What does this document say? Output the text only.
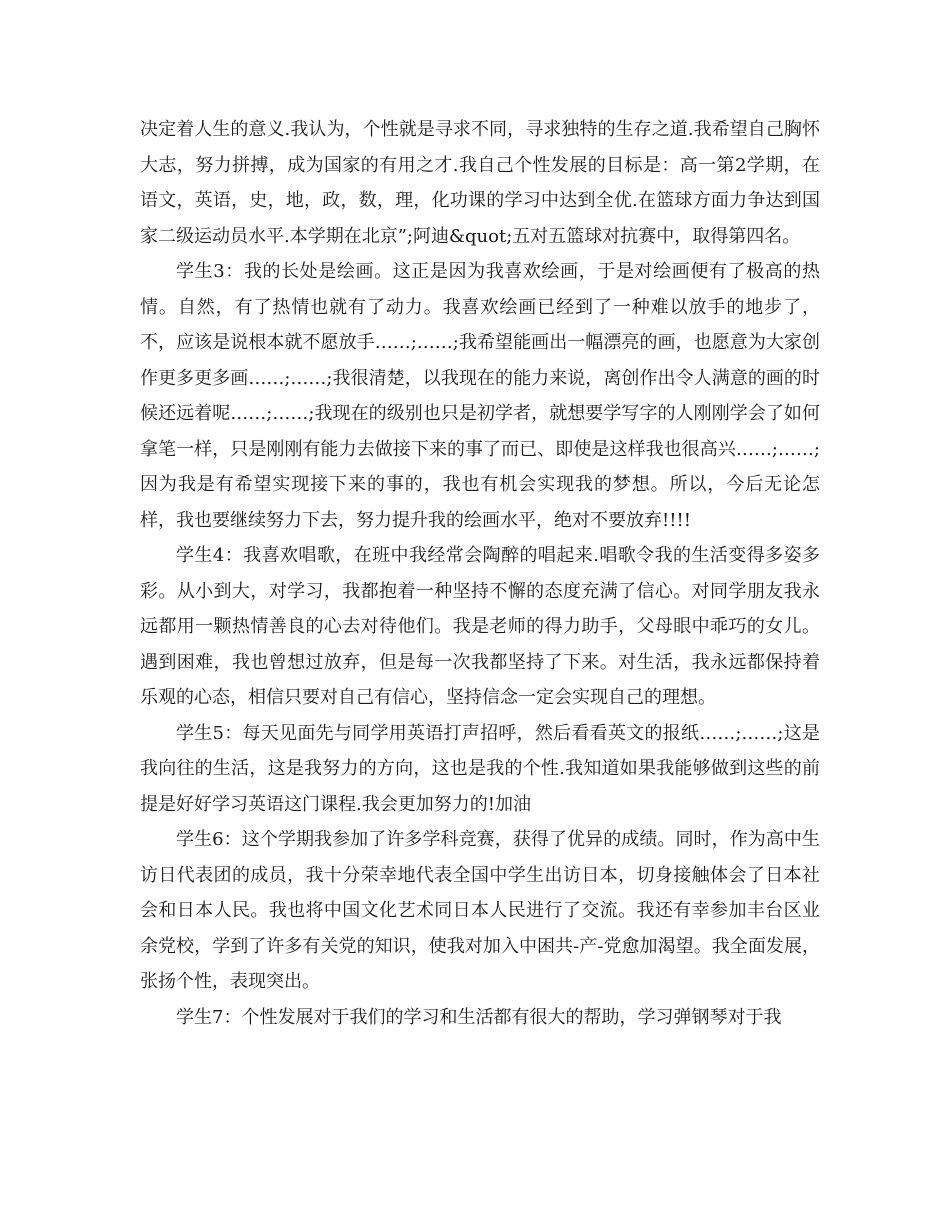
决定着人生的意义.我认为，个性就是寻求不同，寻求独特的生存之道.我希望自己胸怀大志，努力拼搏，成为国家的有用之才.我自己个性发展的目标是：高一第2学期，在语文，英语，史，地，政，数，理，化功课的学习中达到全优.在篮球方面力争达到国家二级运动员水平.本学期在北京”;阿迪&quot;五对五篮球对抗赛中，取得第四名。

学生3：我的长处是绘画。这正是因为我喜欢绘画，于是对绘画便有了极高的热情。自然，有了热情也就有了动力。我喜欢绘画已经到了一种难以放手的地步了，不，应该是说根本就不愿放手……;……;我希望能画出一幅漂亮的画，也愿意为大家创作更多更多画……;……;我很清楚，以我现在的能力来说，离创作出令人满意的画的时候还远着呢……;……;我现在的级别也只是初学者，就想要学写字的人刚刚学会了如何拿笔一样，只是刚刚有能力去做接下来的事了而已、即使是这样我也很高兴……;……;因为我是有希望实现接下来的事的，我也有机会实现我的梦想。所以，今后无论怎样，我也要继续努力下去，努力提升我的绘画水平，绝对不要放弃!!!!

学生4：我喜欢唱歌，在班中我经常会陶醉的唱起来.唱歌令我的生活变得多姿多彩。从小到大，对学习，我都抱着一种坚持不懈的态度充满了信心。对同学朋友我永远都用一颗热情善良的心去对待他们。我是老师的得力助手，父母眼中乖巧的女儿。遇到困难，我也曾想过放弃，但是每一次我都坚持了下来。对生活，我永远都保持着乐观的心态，相信只要对自己有信心，坚持信念一定会实现自己的理想。

学生5：每天见面先与同学用英语打声招呼，然后看看英文的报纸……;……;这是我向往的生活，这是我努力的方向，这也是我的个性.我知道如果我能够做到这些的前提是好好学习英语这门课程.我会更加努力的!加油

学生6：这个学期我参加了许多学科竞赛，获得了优异的成绩。同时，作为高中生访日代表团的成员，我十分荣幸地代表全国中学生出访日本，切身接触体会了日本社会和日本人民。我也将中国文化艺术同日本人民进行了交流。我还有幸参加丰台区业余党校，学到了许多有关党的知识，使我对加入中困共-产-党愈加渴望。我全面发展，张扬个性，表现突出。

学生7：个性发展对于我们的学习和生活都有很大的帮助，学习弹钢琴对于我
